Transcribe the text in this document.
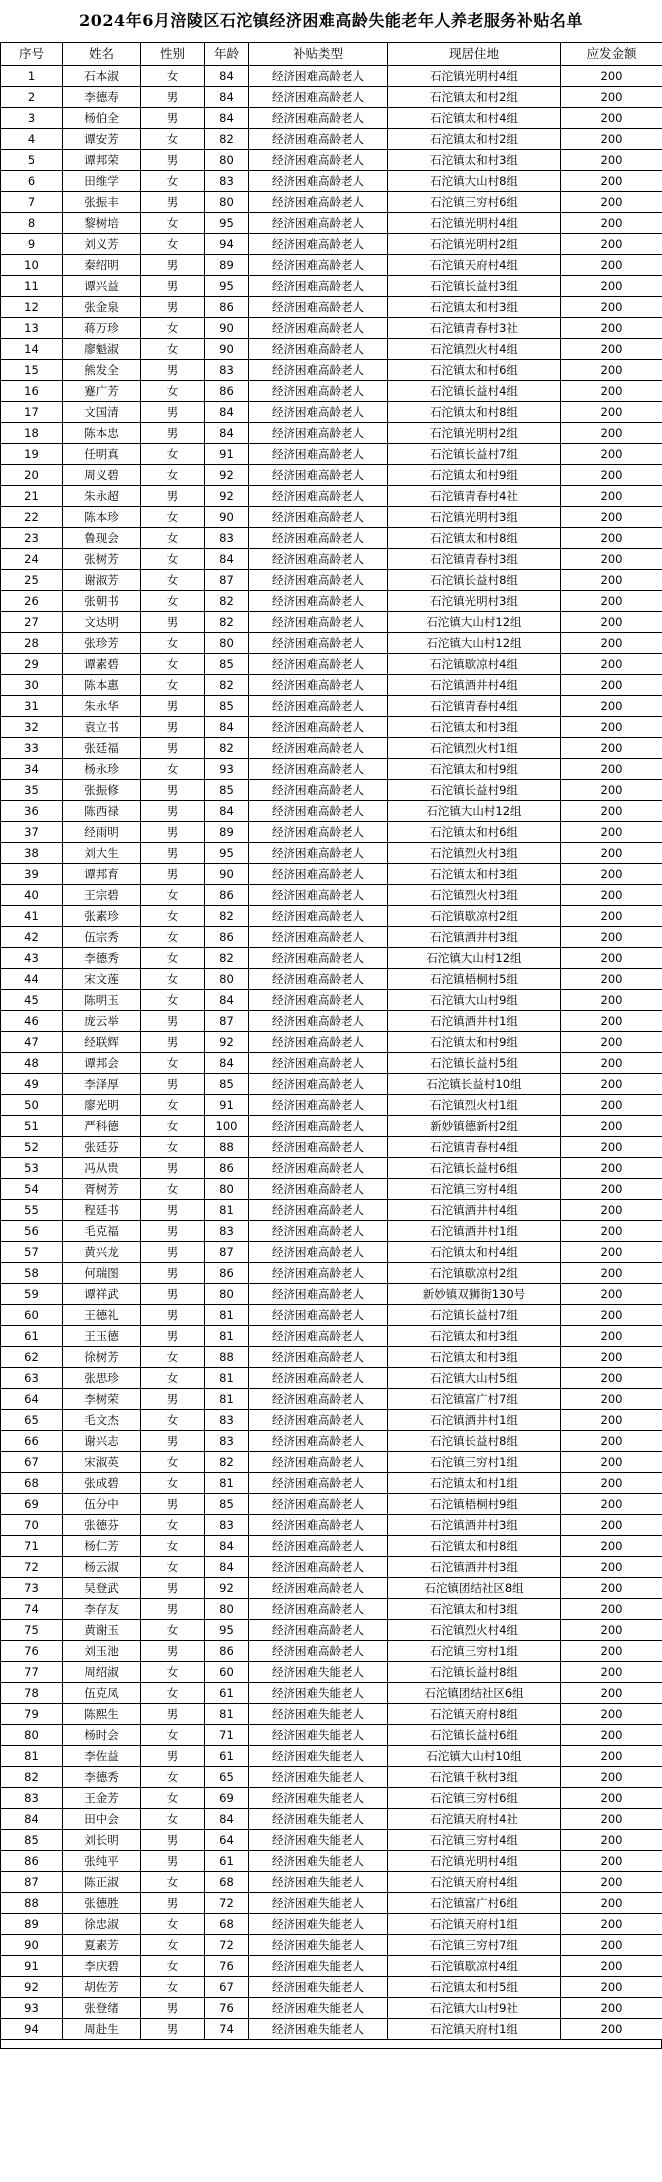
2024年6月涪陵区石沱镇经济困难高龄失能老年人养老服务补贴名单
序号	姓名	性别	年龄	补贴类型	现居住地	应发金额
1	石本淑	女	84	经济困难高龄老人	石沱镇光明村4组	200
2	李德寿	男	84	经济困难高龄老人	石沱镇太和村2组	200
3	杨伯全	男	84	经济困难高龄老人	石沱镇太和村4组	200
4	谭安芳	女	82	经济困难高龄老人	石沱镇太和村2组	200
5	谭邦荣	男	80	经济困难高龄老人	石沱镇太和村3组	200
6	田维学	女	83	经济困难高龄老人	石沱镇大山村8组	200
7	张振丰	男	80	经济困难高龄老人	石沱镇三穷村6组	200
8	黎树培	女	95	经济困难高龄老人	石沱镇光明村4组	200
9	刘义芳	女	94	经济困难高龄老人	石沱镇光明村2组	200
10	秦绍明	男	89	经济困难高龄老人	石沱镇天府村4组	200
11	谭兴益	男	95	经济困难高龄老人	石沱镇长益村3组	200
12	张金泉	男	86	经济困难高龄老人	石沱镇太和村3组	200
13	蒋万珍	女	90	经济困难高龄老人	石沱镇青春村3社	200
14	廖魁淑	女	90	经济困难高龄老人	石沱镇烈火村4组	200
15	熊发全	男	83	经济困难高龄老人	石沱镇太和村6组	200
16	蹇广芳	女	86	经济困难高龄老人	石沱镇长益村4组	200
17	文国清	男	84	经济困难高龄老人	石沱镇太和村8组	200
18	陈本忠	男	84	经济困难高龄老人	石沱镇光明村2组	200
19	任明真	女	91	经济困难高龄老人	石沱镇长益村7组	200
20	周义碧	女	92	经济困难高龄老人	石沱镇太和村9组	200
21	朱永超	男	92	经济困难高龄老人	石沱镇青春村4社	200
22	陈本珍	女	90	经济困难高龄老人	石沱镇光明村3组	200
23	鲁现会	女	83	经济困难高龄老人	石沱镇太和村8组	200
24	张树芳	女	84	经济困难高龄老人	石沱镇青春村3组	200
25	谢淑芳	女	87	经济困难高龄老人	石沱镇长益村8组	200
26	张朝书	女	82	经济困难高龄老人	石沱镇光明村3组	200
27	文达明	男	82	经济困难高龄老人	石沱镇大山村12组	200
28	张珍芳	女	80	经济困难高龄老人	石沱镇大山村12组	200
29	谭素碧	女	85	经济困难高龄老人	石沱镇歇凉村4组	200
30	陈本惠	女	82	经济困难高龄老人	石沱镇酒井村4组	200
31	朱永华	男	85	经济困难高龄老人	石沱镇青春村4组	200
32	袁立书	男	84	经济困难高龄老人	石沱镇太和村3组	200
33	张廷福	男	82	经济困难高龄老人	石沱镇烈火村1组	200
34	杨永珍	女	93	经济困难高龄老人	石沱镇太和村9组	200
35	张振修	男	85	经济困难高龄老人	石沱镇长益村9组	200
36	陈西禄	男	84	经济困难高龄老人	石沱镇大山村12组	200
37	经雨明	男	89	经济困难高龄老人	石沱镇太和村6组	200
38	刘大生	男	95	经济困难高龄老人	石沱镇烈火村3组	200
39	谭邦育	男	90	经济困难高龄老人	石沱镇太和村3组	200
40	王宗碧	女	86	经济困难高龄老人	石沱镇烈火村3组	200
41	张素珍	女	82	经济困难高龄老人	石沱镇歇凉村2组	200
42	伍宗秀	女	86	经济困难高龄老人	石沱镇酒井村3组	200
43	李德秀	女	82	经济困难高龄老人	石沱镇大山村12组	200
44	宋文莲	女	80	经济困难高龄老人	石沱镇梧桐村5组	200
45	陈明玉	女	84	经济困难高龄老人	石沱镇大山村9组	200
46	庞云举	男	87	经济困难高龄老人	石沱镇酒井村1组	200
47	经联辉	男	92	经济困难高龄老人	石沱镇太和村9组	200
48	谭邦会	女	84	经济困难高龄老人	石沱镇长益村5组	200
49	李泽厚	男	85	经济困难高龄老人	石沱镇长益村10组	200
50	廖光明	女	91	经济困难高龄老人	石沱镇烈火村1组	200
51	严科德	女	100	经济困难高龄老人	新妙镇德新村2组	200
52	张廷芬	女	88	经济困难高龄老人	石沱镇青春村4组	200
53	冯从贵	男	86	经济困难高龄老人	石沱镇长益村6组	200
54	胥树芳	女	80	经济困难高龄老人	石沱镇三穷村4组	200
55	程廷书	男	81	经济困难高龄老人	石沱镇酒井村4组	200
56	毛克福	男	83	经济困难高龄老人	石沱镇酒井村1组	200
57	黄兴龙	男	87	经济困难高龄老人	石沱镇太和村4组	200
58	何瑞图	男	86	经济困难高龄老人	石沱镇歇凉村2组	200
59	谭祥武	男	80	经济困难高龄老人	新妙镇双狮街130号	200
60	王德礼	男	81	经济困难高龄老人	石沱镇长益村7组	200
61	王玉德	男	81	经济困难高龄老人	石沱镇太和村3组	200
62	徐树芳	女	88	经济困难高龄老人	石沱镇太和村3组	200
63	张思珍	女	81	经济困难高龄老人	石沱镇大山村5组	200
64	李树荣	男	81	经济困难高龄老人	石沱镇富广村7组	200
65	毛文杰	女	83	经济困难高龄老人	石沱镇酒井村1组	200
66	谢兴志	男	83	经济困难高龄老人	石沱镇长益村8组	200
67	宋淑英	女	82	经济困难高龄老人	石沱镇三穷村1组	200
68	张成碧	女	81	经济困难高龄老人	石沱镇太和村1组	200
69	伍分中	男	85	经济困难高龄老人	石沱镇梧桐村9组	200
70	张德芬	女	83	经济困难高龄老人	石沱镇酒井村3组	200
71	杨仁芳	女	84	经济困难高龄老人	石沱镇太和村8组	200
72	杨云淑	女	84	经济困难高龄老人	石沱镇酒井村3组	200
73	吴登武	男	92	经济困难高龄老人	石沱镇团结社区8组	200
74	李存友	男	80	经济困难高龄老人	石沱镇太和村3组	200
75	黄谢玉	女	95	经济困难高龄老人	石沱镇烈火村4组	200
76	刘玉池	男	86	经济困难高龄老人	石沱镇三穷村1组	200
77	周绍淑	女	60	经济困难失能老人	石沱镇长益村8组	200
78	伍克凤	女	61	经济困难失能老人	石沱镇团结社区6组	200
79	陈熙生	男	81	经济困难失能老人	石沱镇天府村8组	200
80	杨时会	女	71	经济困难失能老人	石沱镇长益村6组	200
81	李佐益	男	61	经济困难失能老人	石沱镇大山村10组	200
82	李德秀	女	65	经济困难失能老人	石沱镇千秋村3组	200
83	王金芳	女	69	经济困难失能老人	石沱镇三穷村6组	200
84	田中会	女	84	经济困难失能老人	石沱镇天府村4社	200
85	刘长明	男	64	经济困难失能老人	石沱镇三穷村4组	200
86	张纯平	男	61	经济困难失能老人	石沱镇光明村4组	200
87	陈正淑	女	68	经济困难失能老人	石沱镇天府村4组	200
88	张德胜	男	72	经济困难失能老人	石沱镇富广村6组	200
89	徐忠淑	女	68	经济困难失能老人	石沱镇天府村1组	200
90	夏素芳	女	72	经济困难失能老人	石沱镇三穷村7组	200
91	李庆碧	女	76	经济困难失能老人	石沱镇歇凉村4组	200
92	胡佐芳	女	67	经济困难失能老人	石沱镇太和村5组	200
93	张登绪	男	76	经济困难失能老人	石沱镇大山村9社	200
94	周赴生	男	74	经济困难失能老人	石沱镇天府村1组	200
